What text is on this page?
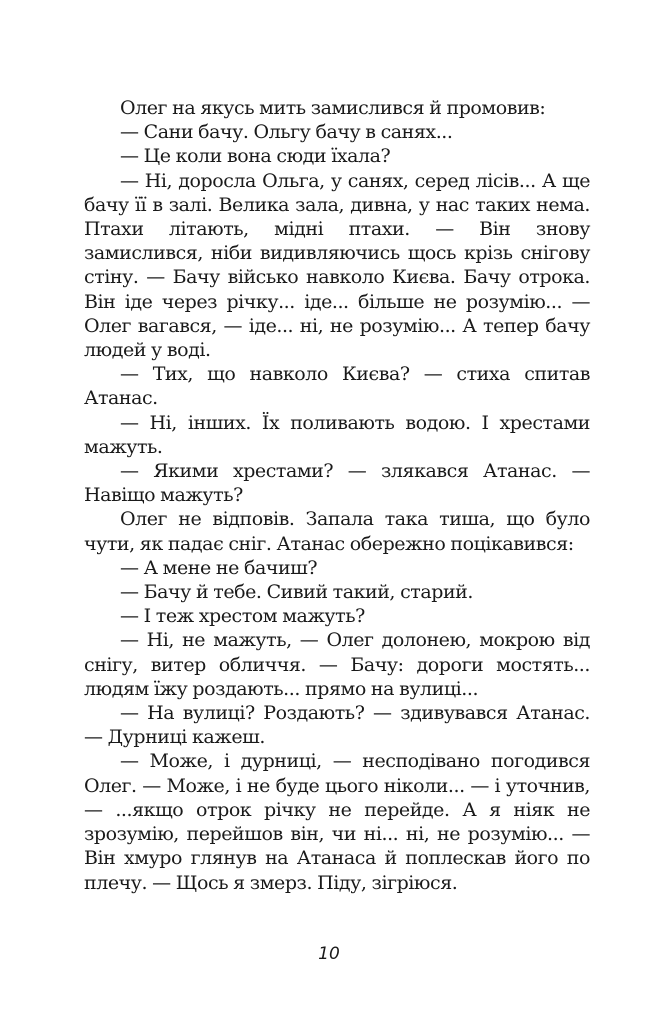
Олег на якусь мить замислився й промовив:

— Сани бачу. Ольгу бачу в санях...

— Це коли вона сюди їхала?

— Ні, доросла Ольга, у санях, серед лісів... А ще бачу її в залі. Велика зала, дивна, у нас таких нема. Птахи літають, мідні птахи. — Він знову замислився, ніби видивляючись щось крізь снігову стіну. — Бачу військо навколо Києва. Бачу отрока. Він іде через річку... іде... більше не розумію... — Олег вагався, — іде... ні, не розумію... А тепер бачу людей у воді.

— Тих, що навколо Києва? — стиха спитав Атанас.

— Ні, інших. Їх поливають водою. І хрестами мажуть.

— Якими хрестами? — злякався Атанас. — Навіщо мажуть?

Олег не відповів. Запала така тиша, що було чути, як падає сніг. Атанас обережно поцікавився:

— А мене не бачиш?

— Бачу й тебе. Сивий такий, старий.

— І теж хрестом мажуть?

— Ні, не мажуть, — Олег долонею, мокрою від снігу, витер обличчя. — Бачу: дороги мостять... людям їжу роздають... прямо на вулиці...

— На вулиці? Роздають? — здивувався Атанас. — Дурниці кажеш.

— Може, і дурниці, — несподівано погодився Олег. — Може, і не буде цього ніколи... — і уточнив, — ...якщо отрок річку не перейде. А я ніяк не зрозумію, перейшов він, чи ні... ні, не розумію... — Він хмуро глянув на Атанаса й поплескав його по плечу. — Щось я змерз. Піду, зігріюся.

10
